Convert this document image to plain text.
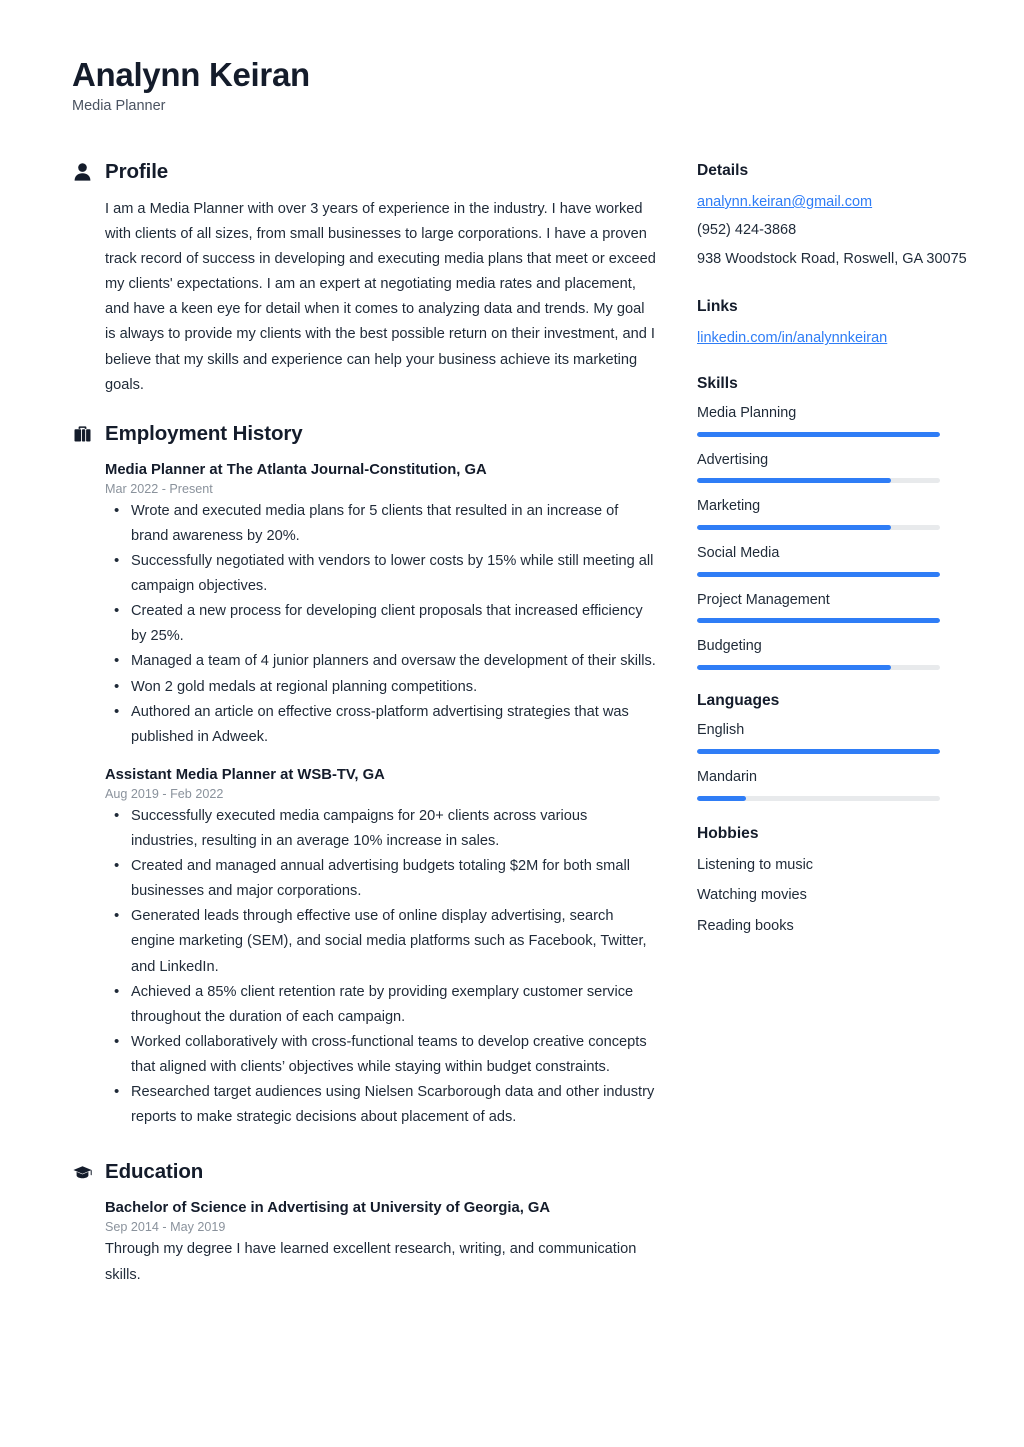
Analynn Keiran
Media Planner
Profile
I am a Media Planner with over 3 years of experience in the industry. I have worked with clients of all sizes, from small businesses to large corporations. I have a proven track record of success in developing and executing media plans that meet or exceed my clients' expectations. I am an expert at negotiating media rates and placement, and have a keen eye for detail when it comes to analyzing data and trends. My goal is always to provide my clients with the best possible return on their investment, and I believe that my skills and experience can help your business achieve its marketing goals.
Employment History
Media Planner at The Atlanta Journal-Constitution, GA
Mar 2022 - Present
• Wrote and executed media plans for 5 clients that resulted in an increase of brand awareness by 20%.
• Successfully negotiated with vendors to lower costs by 15% while still meeting all campaign objectives.
• Created a new process for developing client proposals that increased efficiency by 25%.
• Managed a team of 4 junior planners and oversaw the development of their skills.
• Won 2 gold medals at regional planning competitions.
• Authored an article on effective cross-platform advertising strategies that was published in Adweek.
Assistant Media Planner at WSB-TV, GA
Aug 2019 - Feb 2022
• Successfully executed media campaigns for 20+ clients across various industries, resulting in an average 10% increase in sales.
• Created and managed annual advertising budgets totaling $2M for both small businesses and major corporations.
• Generated leads through effective use of online display advertising, search engine marketing (SEM), and social media platforms such as Facebook, Twitter, and LinkedIn.
• Achieved a 85% client retention rate by providing exemplary customer service throughout the duration of each campaign.
• Worked collaboratively with cross-functional teams to develop creative concepts that aligned with clients’ objectives while staying within budget constraints.
• Researched target audiences using Nielsen Scarborough data and other industry reports to make strategic decisions about placement of ads.
Education
Bachelor of Science in Advertising at University of Georgia, GA
Sep 2014 - May 2019
Through my degree I have learned excellent research, writing, and communication skills.
Details
analynn.keiran@gmail.com
(952) 424-3868
938 Woodstock Road, Roswell, GA 30075
Links
linkedin.com/in/analynnkeiran
Skills
Media Planning
Advertising
Marketing
Social Media
Project Management
Budgeting
Languages
English
Mandarin
Hobbies
Listening to music
Watching movies
Reading books
